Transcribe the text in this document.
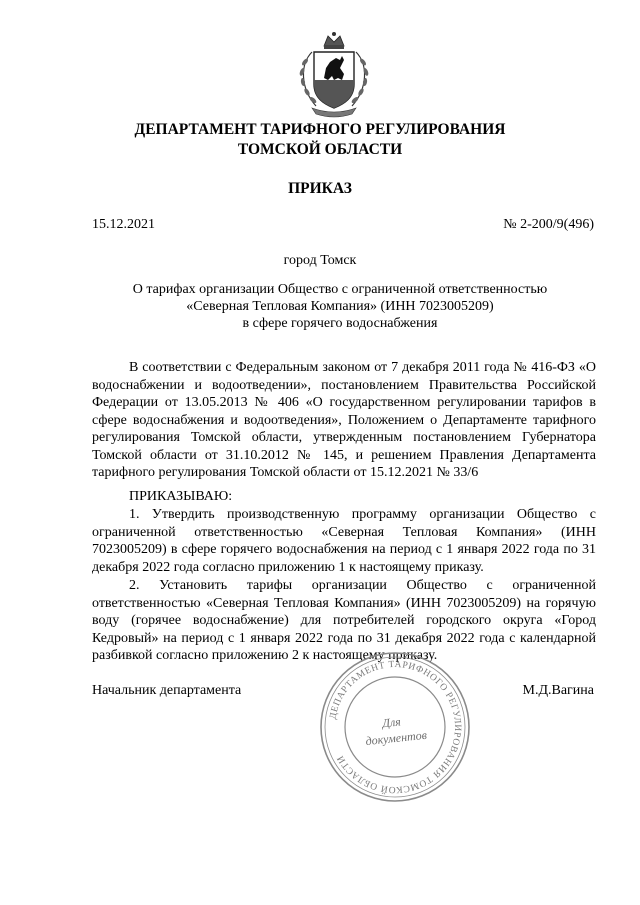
ДЕПАРТАМЕНТ ТАРИФНОГО РЕГУЛИРОВАНИЯ
ТОМСКОЙ ОБЛАСТИ
ПРИКАЗ
15.12.2021	№ 2-200/9(496)
город Томск
О тарифах организации Общество с ограниченной ответственностью
«Северная Тепловая Компания» (ИНН 7023005209)
в сфере горячего водоснабжения

В соответствии с Федеральным законом от 7 декабря 2011 года № 416-ФЗ «О водоснабжении и водоотведении», постановлением Правительства Российской Федерации от 13.05.2013 № 406 «О государственном регулировании тарифов в сфере водоснабжения и водоотведения», Положением о Департаменте тарифного регулирования Томской области, утвержденным постановлением Губернатора Томской области от 31.10.2012 № 145, и решением Правления Департамента тарифного регулирования Томской области от 15.12.2021 № 33/6

ПРИКАЗЫВАЮ:

1. Утвердить производственную программу организации Общество с ограниченной ответственностью «Северная Тепловая Компания» (ИНН 7023005209) в сфере горячего водоснабжения на период с 1 января 2022 года по 31 декабря 2022 года согласно приложению 1 к настоящему приказу.

2. Установить тарифы организации Общество с ограниченной ответственностью «Северная Тепловая Компания» (ИНН 7023005209) на горячую воду (горячее водоснабжение) для потребителей городского округа «Город Кедровый» на период с 1 января 2022 года по 31 декабря 2022 года с календарной разбивкой согласно приложению 2 к настоящему приказу.

Начальник департамента	М.Д.Вагина
ДЕПАРТАМЕНТ ТАРИФНОГО РЕГУЛИРОВАНИЯ ТОМСКОЙ ОБЛАСТИ
Для
документов
